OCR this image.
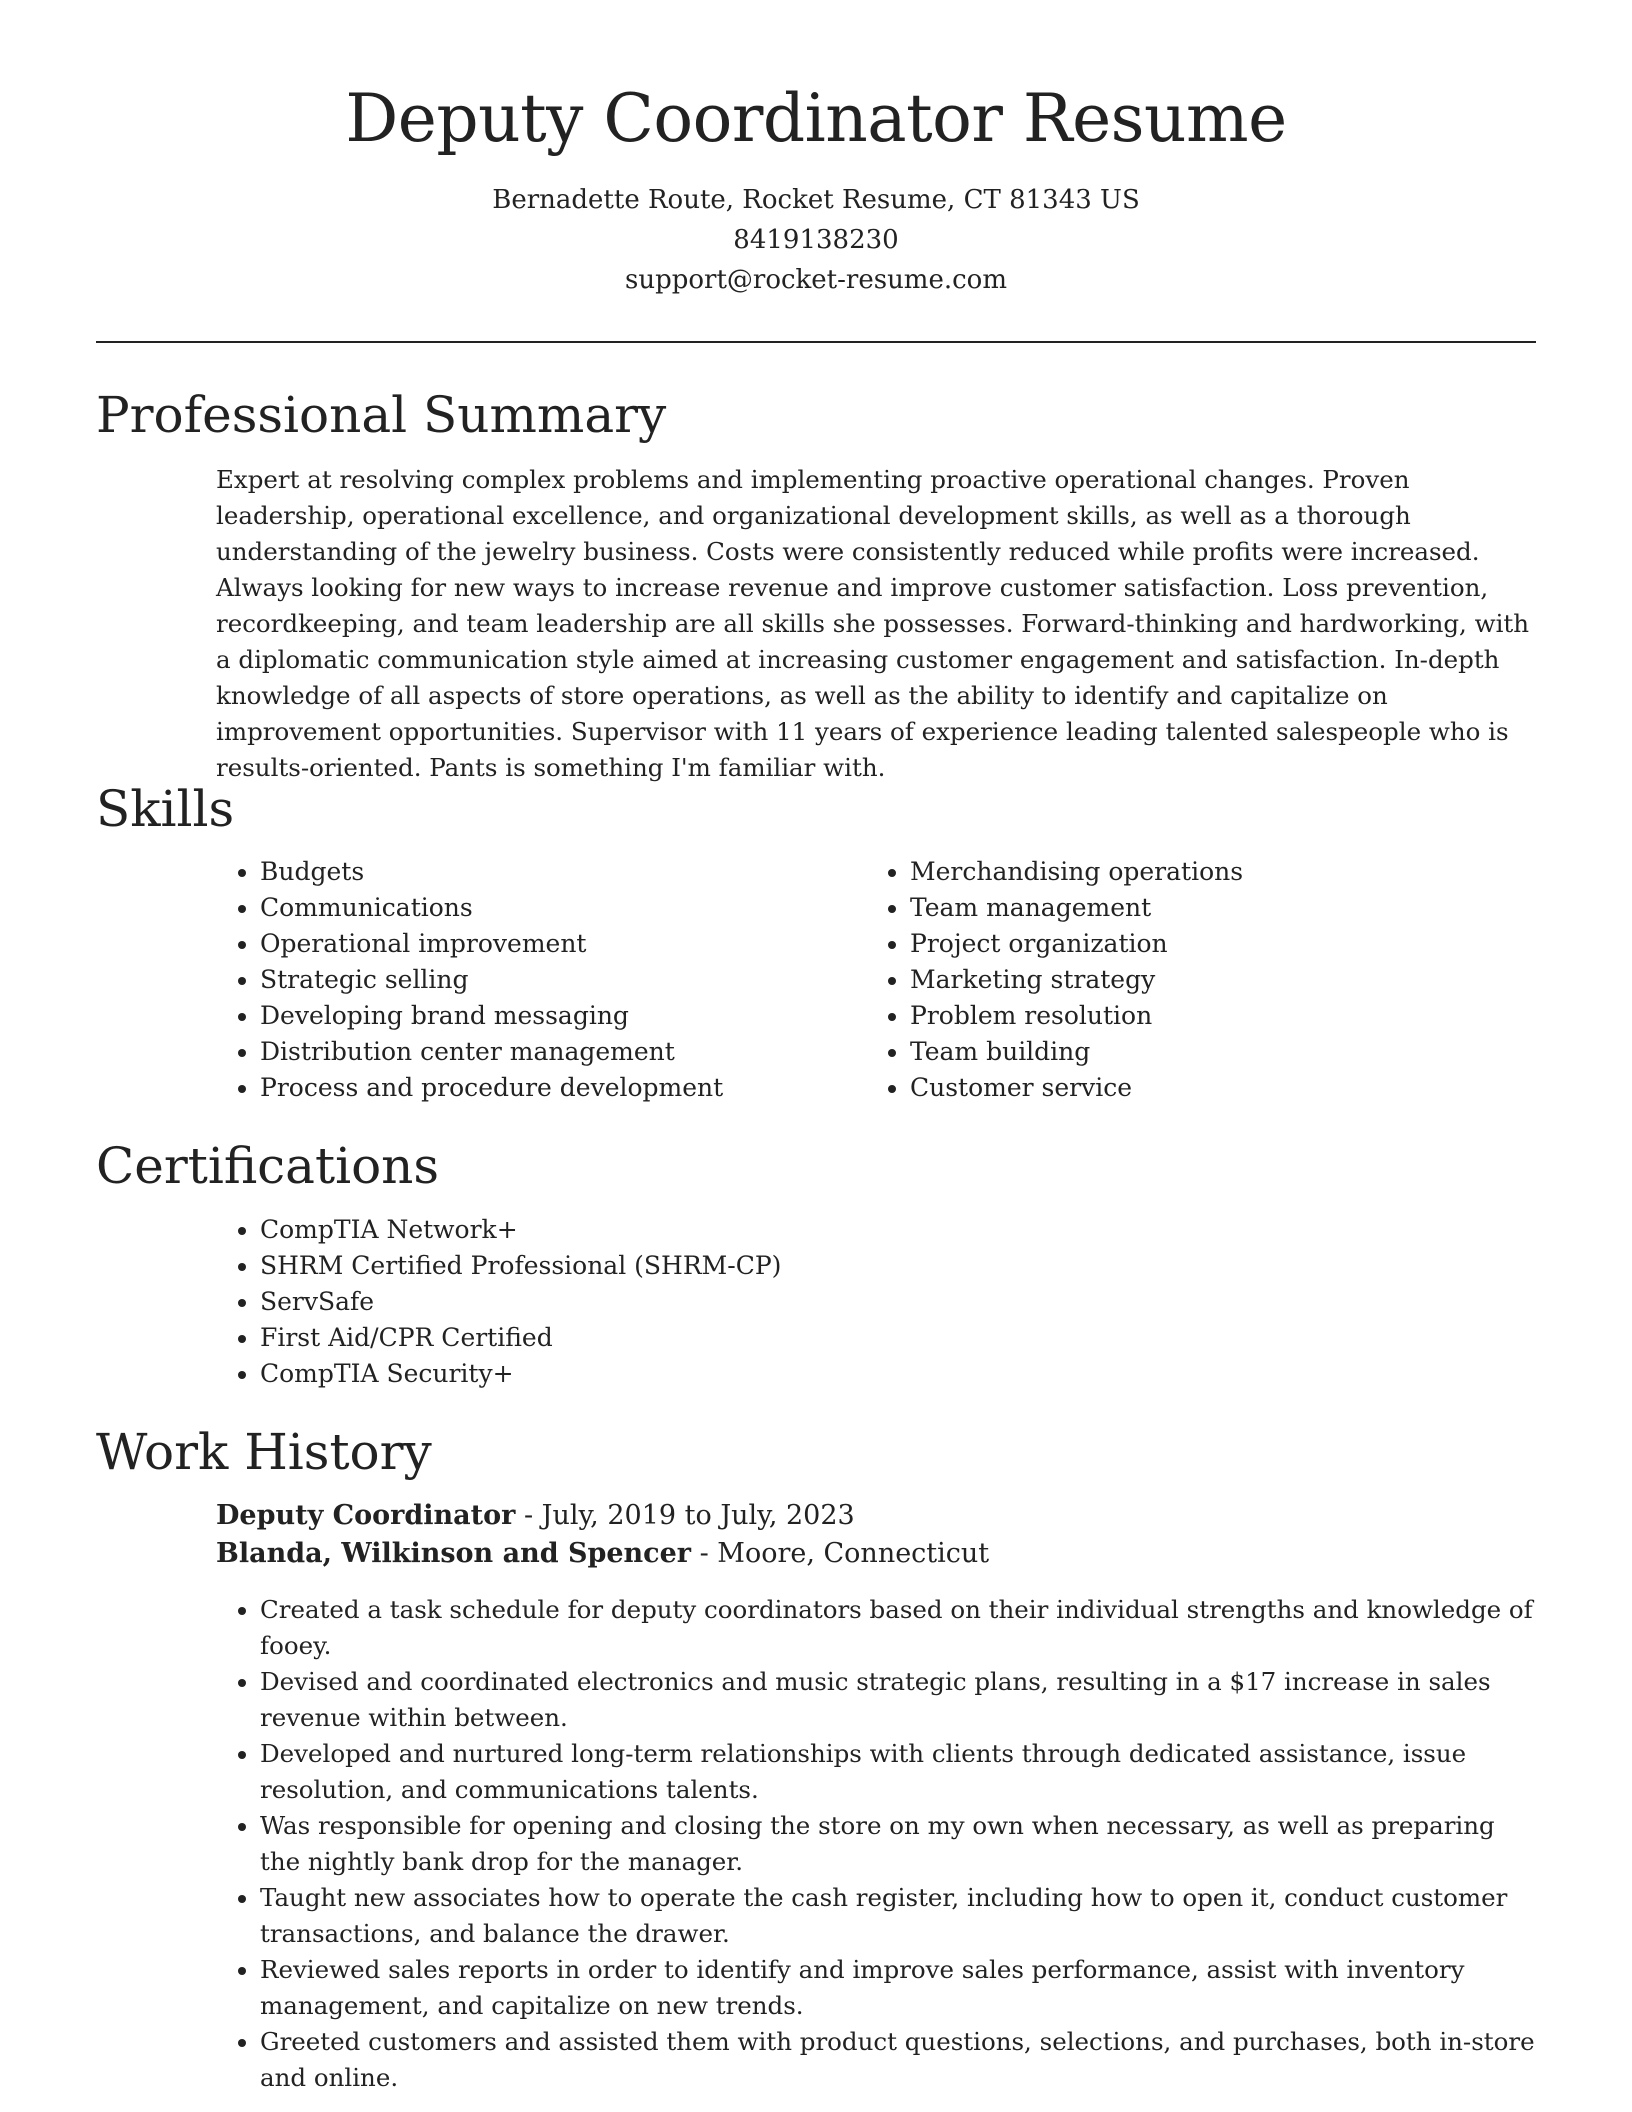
Deputy Coordinator Resume
Bernadette Route, Rocket Resume, CT 81343 US
8419138230
support@rocket-resume.com
Professional Summary

Expert at resolving complex problems and implementing proactive operational changes. Proven leadership, operational excellence, and organizational development skills, as well as a thorough understanding of the jewelry business. Costs were consistently reduced while profits were increased. Always looking for new ways to increase revenue and improve customer satisfaction. Loss prevention, recordkeeping, and team leadership are all skills she possesses. Forward-thinking and hardworking, with a diplomatic communication style aimed at increasing customer engagement and satisfaction. In-depth knowledge of all aspects of store operations, as well as the ability to identify and capitalize on improvement opportunities. Supervisor with 11 years of experience leading talented salespeople who is results-oriented. Pants is something I'm familiar with.

Skills
• Budgets
• Communications
• Operational improvement
• Strategic selling
• Developing brand messaging
• Distribution center management
• Process and procedure development
• Merchandising operations
• Team management
• Project organization
• Marketing strategy
• Problem resolution
• Team building
• Customer service
Certifications
• CompTIA Network+
• SHRM Certified Professional (SHRM-CP)
• ServSafe
• First Aid/CPR Certified
• CompTIA Security+
Work History

Deputy Coordinator - July, 2019 to July, 2023

Blanda, Wilkinson and Spencer - Moore, Connecticut

• Created a task schedule for deputy coordinators based on their individual strengths and knowledge of fooey.
• Devised and coordinated electronics and music strategic plans, resulting in a $17 increase in sales revenue within between.
• Developed and nurtured long-term relationships with clients through dedicated assistance, issue resolution, and communications talents.
• Was responsible for opening and closing the store on my own when necessary, as well as preparing the nightly bank drop for the manager.
• Taught new associates how to operate the cash register, including how to open it, conduct customer transactions, and balance the drawer.
• Reviewed sales reports in order to identify and improve sales performance, assist with inventory management, and capitalize on new trends.
• Greeted customers and assisted them with product questions, selections, and purchases, both in-store and online.
